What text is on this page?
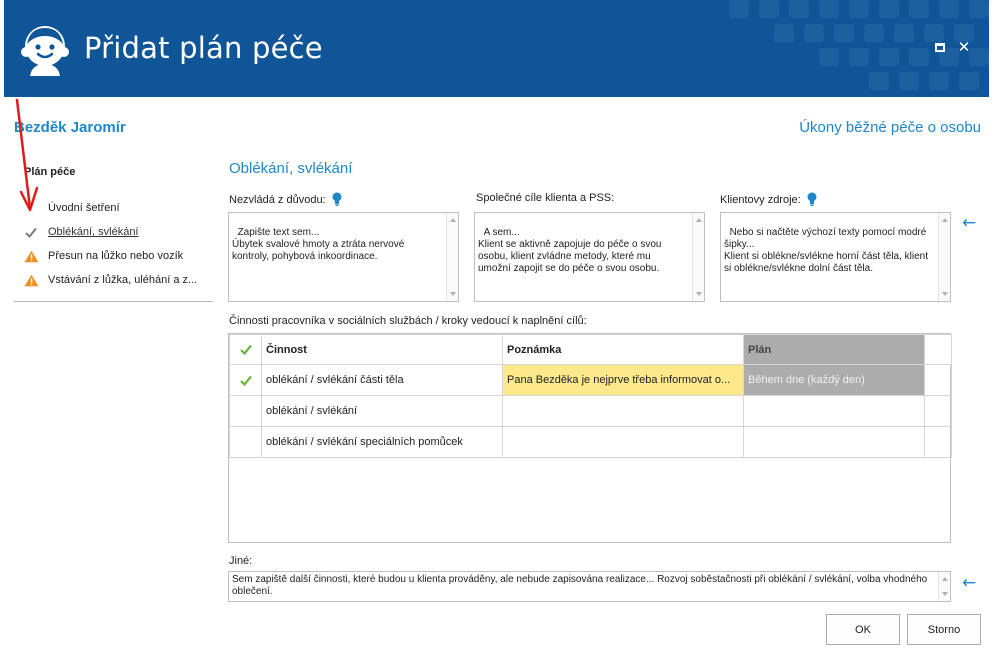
Přidat plán péče	✕
Bezděk Jaromír	Úkony běžné péče o osobu
Plán péče
Úvodní šetření
Oblékání, svlékání
Přesun na lůžko nebo vozík
Vstávání z lůžka, uléhání a z...
Oblékání, svlékání
Nezvládá z důvodu:	Společné cíle klienta a PSS:	Klientovy zdroje:

Zapište text sem...
Úbytek svalové hmoty a ztráta nervové kontroly, pohybová inkoordinace.

A sem...
Klient se aktivně zapojuje do péče o svou osobu, klient zvládne metody, které mu umožní zapojit se do péče o svou osobu.

Nebo si načtěte výchozí texty pomocí modré šipky...
Klient si oblékne/svlékne horní část těla, klient si oblékne/svlékne dolní část těla.

←
Činnosti pracovníka v sociálních službách / kroky vedoucí k naplnění cílů:
	Činnost	Poznámka	Plán	
	oblékání / svlékání části těla	Pana Bezděka je nejprve třeba informovat o...	Během dne (každý den)	
	oblékání / svlékání			
	oblékání / svlékání speciálních pomůcek			
Jiné:
Sem zapiště další činnosti, které budou u klienta prováděny, ale nebude zapisována realizace... Rozvoj soběstačnosti při oblékání / svlékání, volba vhodného oblečení.	←
OK	Storno
